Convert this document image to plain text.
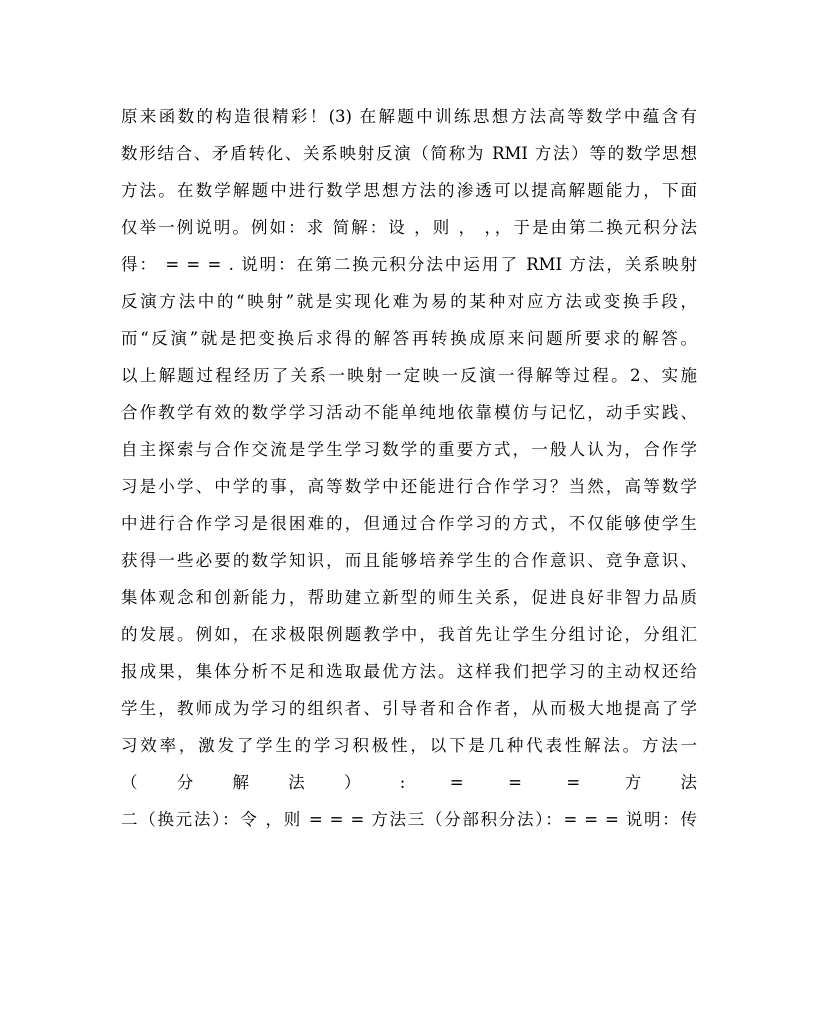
原来函数的构造很精彩！(3) 在解题中训练思想方法高等数学中蕴含有
数形结合、矛盾转化、关系映射反演（简称为 RMI 方法）等的数学思想
方法。在数学解题中进行数学思想方法的渗透可以提高解题能力，下面
仅举一例说明。例如：求 简解：设 ，则 ， ，，于是由第二换元积分法
得： = = = . 说明：在第二换元积分法中运用了 RMI 方法，关系映射
反演方法中的“映射”就是实现化难为易的某种对应方法或变换手段，
而“反演”就是把变换后求得的解答再转换成原来问题所要求的解答。
以上解题过程经历了关系一映射一定映一反演一得解等过程。2、实施
合作教学有效的数学学习活动不能单纯地依靠模仿与记忆，动手实践、
自主探索与合作交流是学生学习数学的重要方式，一般人认为，合作学
习是小学、中学的事，高等数学中还能进行合作学习？当然，高等数学
中进行合作学习是很困难的，但通过合作学习的方式，不仅能够使学生
获得一些必要的数学知识，而且能够培养学生的合作意识、竞争意识、
集体观念和创新能力，帮助建立新型的师生关系，促进良好非智力品质
的发展。例如，在求极限例题教学中，我首先让学生分组讨论，分组汇
报成果，集体分析不足和选取最优方法。这样我们把学习的主动权还给
学生，教师成为学习的组织者、引导者和合作者，从而极大地提高了学
习效率，激发了学生的学习积极性，以下是几种代表性解法。方法一
（分解法）: = = = 方法
二（换元法）：令 ，则 = = = 方法三（分部积分法）：= = = 说明：传
